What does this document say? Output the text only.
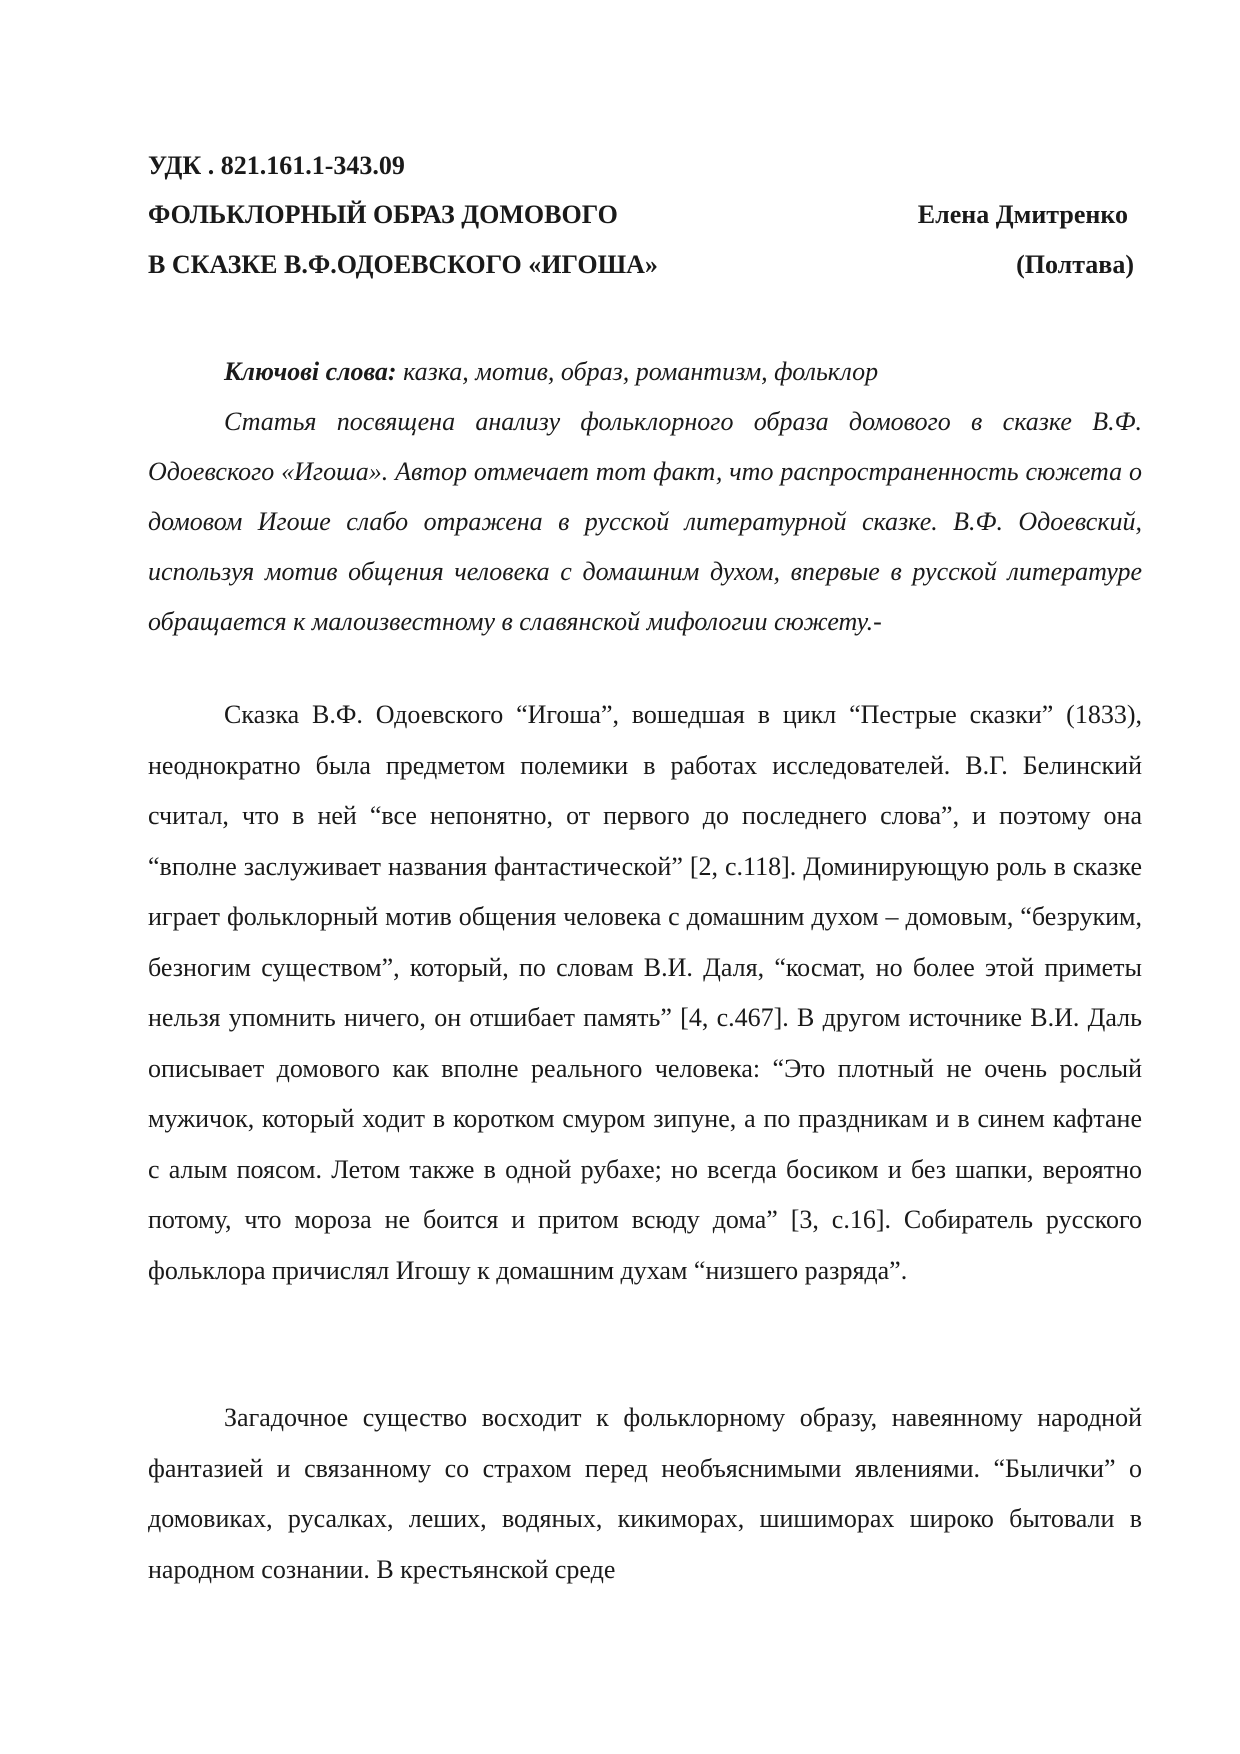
УДК . 821.161.1-343.09
ФОЛЬКЛОРНЫЙ ОБРАЗ ДОМОВОГО
В СКАЗКЕ В.Ф.ОДОЕВСКОГО «ИГОША»
Елена Дмитренко
(Полтава)

Ключові слова: казка, мотив, образ, романтизм, фольклор

Статья посвящена анализу фольклорного образа домового в сказке В.Ф. Одоевского «Игоша». Автор отмечает тот факт, что распространенность сюжета о домовом Игоше слабо отражена в русской литературной сказке. В.Ф. Одоевский, используя мотив общения человека с домашним духом, впервые в русской литературе обращается к малоизвестному в славянской мифологии сюжету.-

Сказка В.Ф. Одоевского “Игоша”, вошедшая в цикл “Пестрые сказки” (1833), неоднократно была предметом полемики в работах исследователей. В.Г. Белинский считал, что в ней “все непонятно, от первого до последнего слова”, и поэтому она “вполне заслуживает названия фантастической” [2, с.118]. Доминирующую роль в сказке играет фольклорный мотив общения человека с домашним духом – домовым, “безруким, безногим существом”, который, по словам В.И. Даля, “космат, но более этой приметы нельзя упомнить ничего, он отшибает память” [4, с.467]. В другом источнике В.И. Даль описывает домового как вполне реального человека: “Это плотный не очень рослый мужичок, который ходит в коротком смуром зипуне, а по праздникам и в синем кафтане с алым поясом. Летом также в одной рубахе; но всегда босиком и без шапки, вероятно потому, что мороза не боится и притом всюду дома” [3, с.16]. Собиратель русского фольклора причислял Игошу к домашним духам “низшего разряда”.

Загадочное существо восходит к фольклорному образу, навеянному народной фантазией и связанному со страхом перед необъяснимыми явлениями. “Былички” о домовиках, русалках, леших, водяных, кикиморах, шишиморах широко бытовали в народном сознании. В крестьянской среде
